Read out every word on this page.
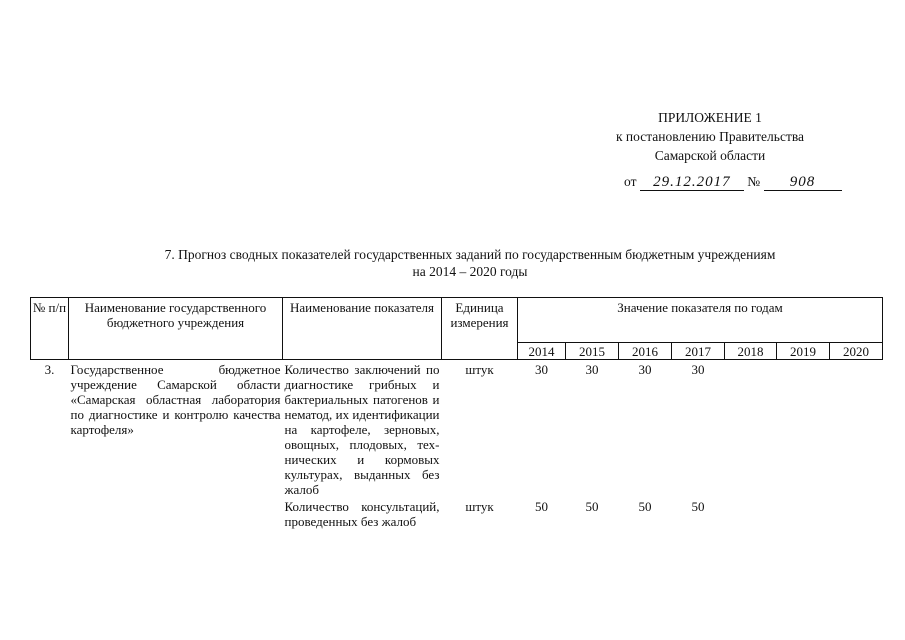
ПРИЛОЖЕНИЕ 1
к постановлению Правительства
Самарской области
от 29.12.2017 № 908
7. Прогноз сводных показателей государственных заданий по государственным бюджетным учреждениям
на 2014 – 2020 годы
№ п/п	Наименование государственного бюджетного учреждения	Наименование показателя	Единица измерения	Значение показателя по годам						
				2014	2015	2016	2017	2018	2019	2020
3.	Государственное бюджетное учреждение Самарской области «Самарская областная лаборатория по диагностике и контролю качества картофеля»	Количество заключений по диагностике грибных и бактериальных патогенов и нематод, их идентификации на картофеле, зерновых, овощных, плодовых, технических и кормовых культурах, выданных без жалоб	штук	30	30	30	30			
		Количество консультаций, проведенных без жалоб	штук	50	50	50	50			
